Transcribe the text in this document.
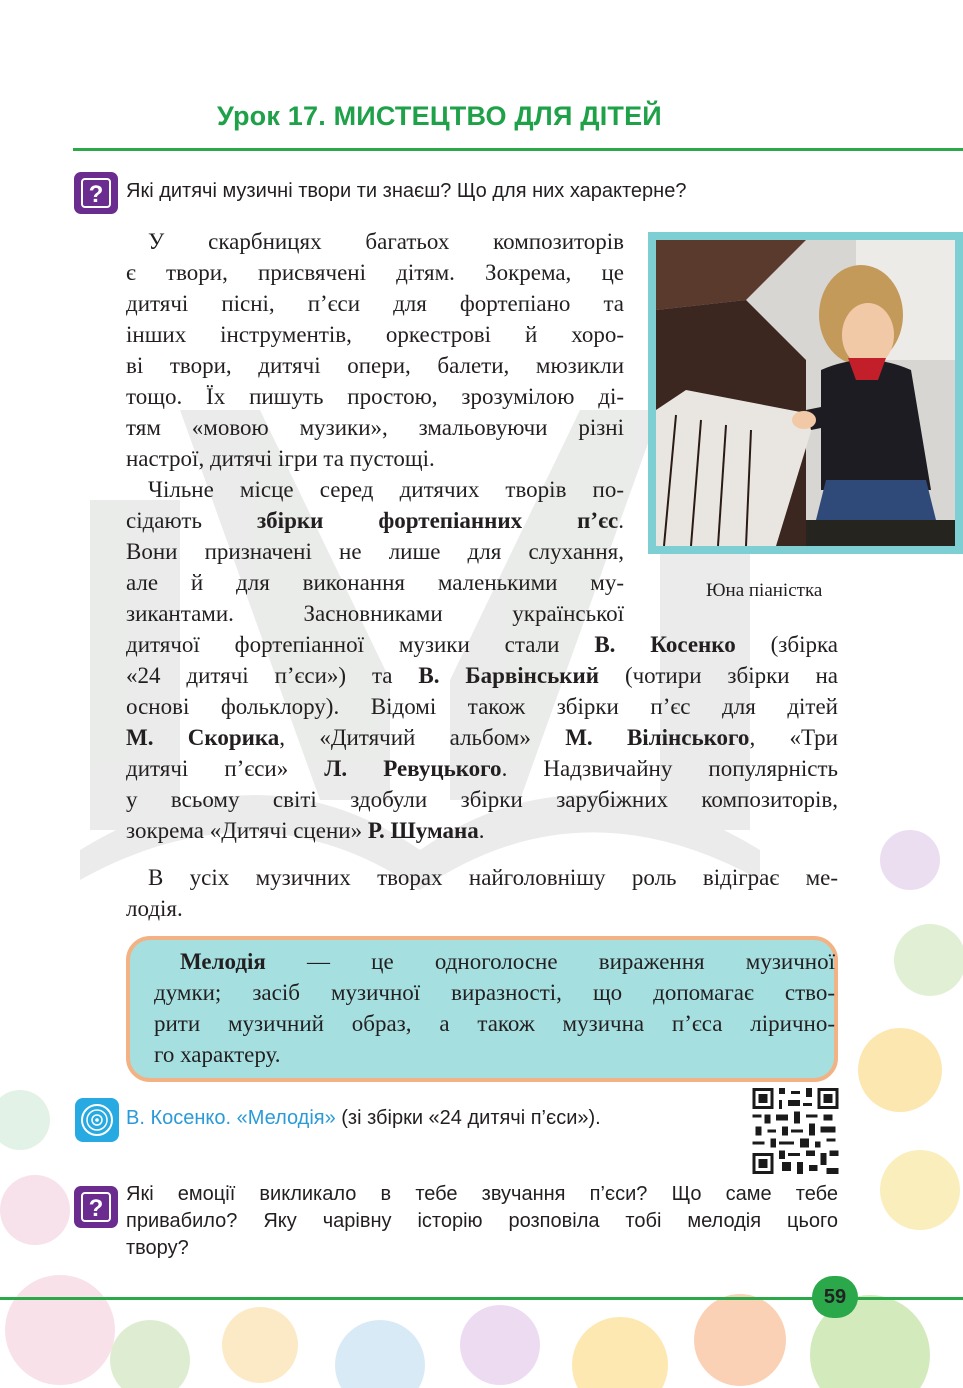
Урок 17. МИСТЕЦТВО ДЛЯ ДІТЕЙ
?	Які дитячі музичні твори ти знаєш? Що для них характерне?
У скарбницях багатьох композиторів
є твори, присвячені дітям. Зокрема, це
дитячі пісні, п’єси для фортепіано та
інших інструментів, оркестрові й хоро-
ві твори, дитячі опери, балети, мюзикли
тощо. Їх пишуть простою, зрозумілою ді-
тям «мовою музики», змальовуючи різні
настрої, дитячі ігри та пустощі.
Чільне місце серед дитячих творів по-
сідають збірки фортепіанних п’єс.
Вони призначені не лише для слухання,
але й для виконання маленькими му-
зикантами. Засновниками української
дитячої фортепіанної музики стали В. Косенко (збірка
«24 дитячі п’єси») та В. Барвінський (чотири збірки на
основі фольклору). Відомі також збірки п’єс для дітей
М. Скорика, «Дитячий альбом» М. Вілінського, «Три
дитячі п’єси» Л. Ревуцького. Надзвичайну популярність
у всьому світі здобули збірки зарубіжних композиторів,
зокрема «Дитячі сцени» Р. Шумана.
Юна піаністка
В усіх музичних творах найголовнішу роль відіграє ме-
лодія.
Мелодія — це одноголосне вираження музичної
думки; засіб музичної виразності, що допомагає ство-
рити музичний образ, а також музична п’єса лірично-
го характеру.
В. Косенко. «Мелодія» (зі збірки «24 дитячі п’єси»).
?
Які емоції викликало в тебе звучання п’єси? Що саме тебе
привабило? Яку чарівну історію розповіла тобі мелодія цього
твору?
59
